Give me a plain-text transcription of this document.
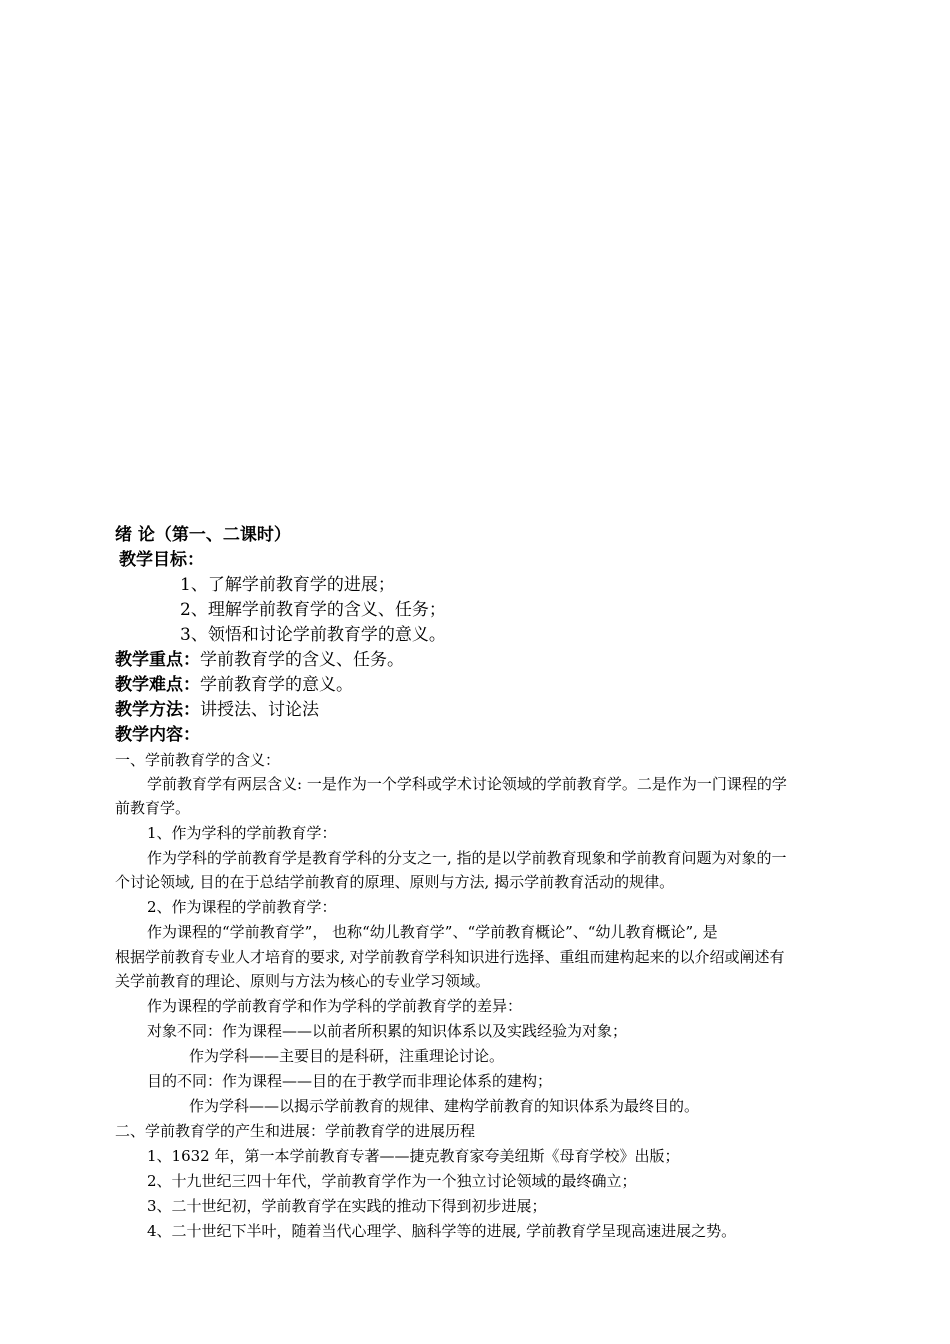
绪 论（第一、二课时）
教学目标：
1、了解学前教育学的进展；
2、理解学前教育学的含义、任务；
3、领悟和讨论学前教育学的意义。
教学重点：学前教育学的含义、任务。
教学难点：学前教育学的意义。
教学方法：讲授法、讨论法
教学内容：
一、学前教育学的含义：
学前教育学有两层含义: 一是作为一个学科或学术讨论领域的学前教育学。二是作为一门课程的学
前教育学。
1、作为学科的学前教育学：
作为学科的学前教育学是教育学科的分支之一, 指的是以学前教育现象和学前教育问题为对象的一
个讨论领域, 目的在于总结学前教育的原理、原则与方法, 揭示学前教育活动的规律。
2、作为课程的学前教育学：
作为课程的“学前教育学”， 也称“幼儿教育学”、“学前教育概论”、“幼儿教育概论”, 是
根据学前教育专业人才培育的要求, 对学前教育学科知识进行选择、重组而建构起来的以介绍或阐述有
关学前教育的理论、原则与方法为核心的专业学习领域。
作为课程的学前教育学和作为学科的学前教育学的差异：
对象不同：作为课程——以前者所积累的知识体系以及实践经验为对象；
作为学科——主要目的是科研，注重理论讨论。
目的不同：作为课程——目的在于教学而非理论体系的建构；
作为学科——以揭示学前教育的规律、建构学前教育的知识体系为最终目的。
二、学前教育学的产生和进展：学前教育学的进展历程
1、1632 年，第一本学前教育专著——捷克教育家夸美纽斯《母育学校》出版；
2、十九世纪三四十年代，学前教育学作为一个独立讨论领域的最终确立；
3、二十世纪初，学前教育学在实践的推动下得到初步进展；
4、二十世纪下半叶，随着当代心理学、脑科学等的进展, 学前教育学呈现高速进展之势。
